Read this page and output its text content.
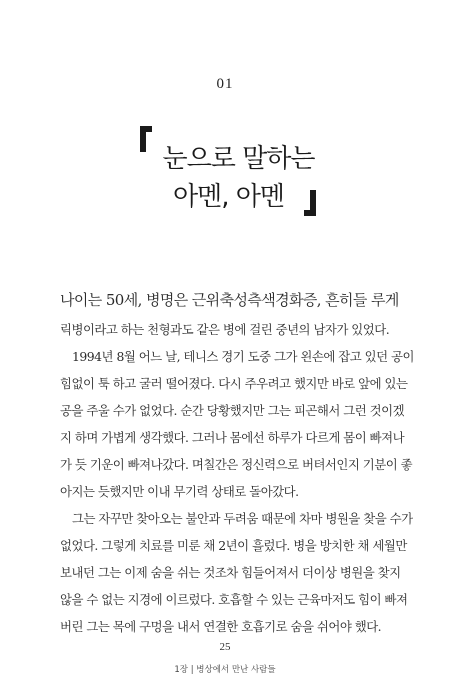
01
눈으로 말하는
아멘, 아멘
나이는 50세, 병명은 근위축성측색경화증, 흔히들 루게
릭병이라고 하는 천형과도 같은 병에 걸린 중년의 남자가 있었다.
1994년 8월 어느 날, 테니스 경기 도중 그가 왼손에 잡고 있던 공이
힘없이 툭 하고 굴러 떨어졌다. 다시 주우려고 했지만 바로 앞에 있는
공을 주울 수가 없었다. 순간 당황했지만 그는 피곤해서 그런 것이겠
지 하며 가볍게 생각했다. 그러나 몸에선 하루가 다르게 몸이 빠져나
가 듯 기운이 빠져나갔다. 며칠간은 정신력으로 버텨서인지 기분이 좋
아지는 듯했지만 이내 무기력 상태로 돌아갔다.
그는 자꾸만 찾아오는 불안과 두려움 때문에 차마 병원을 찾을 수가
없었다. 그렇게 치료를 미룬 채 2년이 흘렀다. 병을 방치한 채 세월만
보내던 그는 이제 숨을 쉬는 것조차 힘들어져서 더이상 병원을 찾지
않을 수 없는 지경에 이르렀다. 호흡할 수 있는 근육마저도 힘이 빠져
25
1장 | 병상에서 만난 사람들
버린 그는 목에 구멍을 내서 연결한 호흡기로 숨을 쉬어야 했다.
